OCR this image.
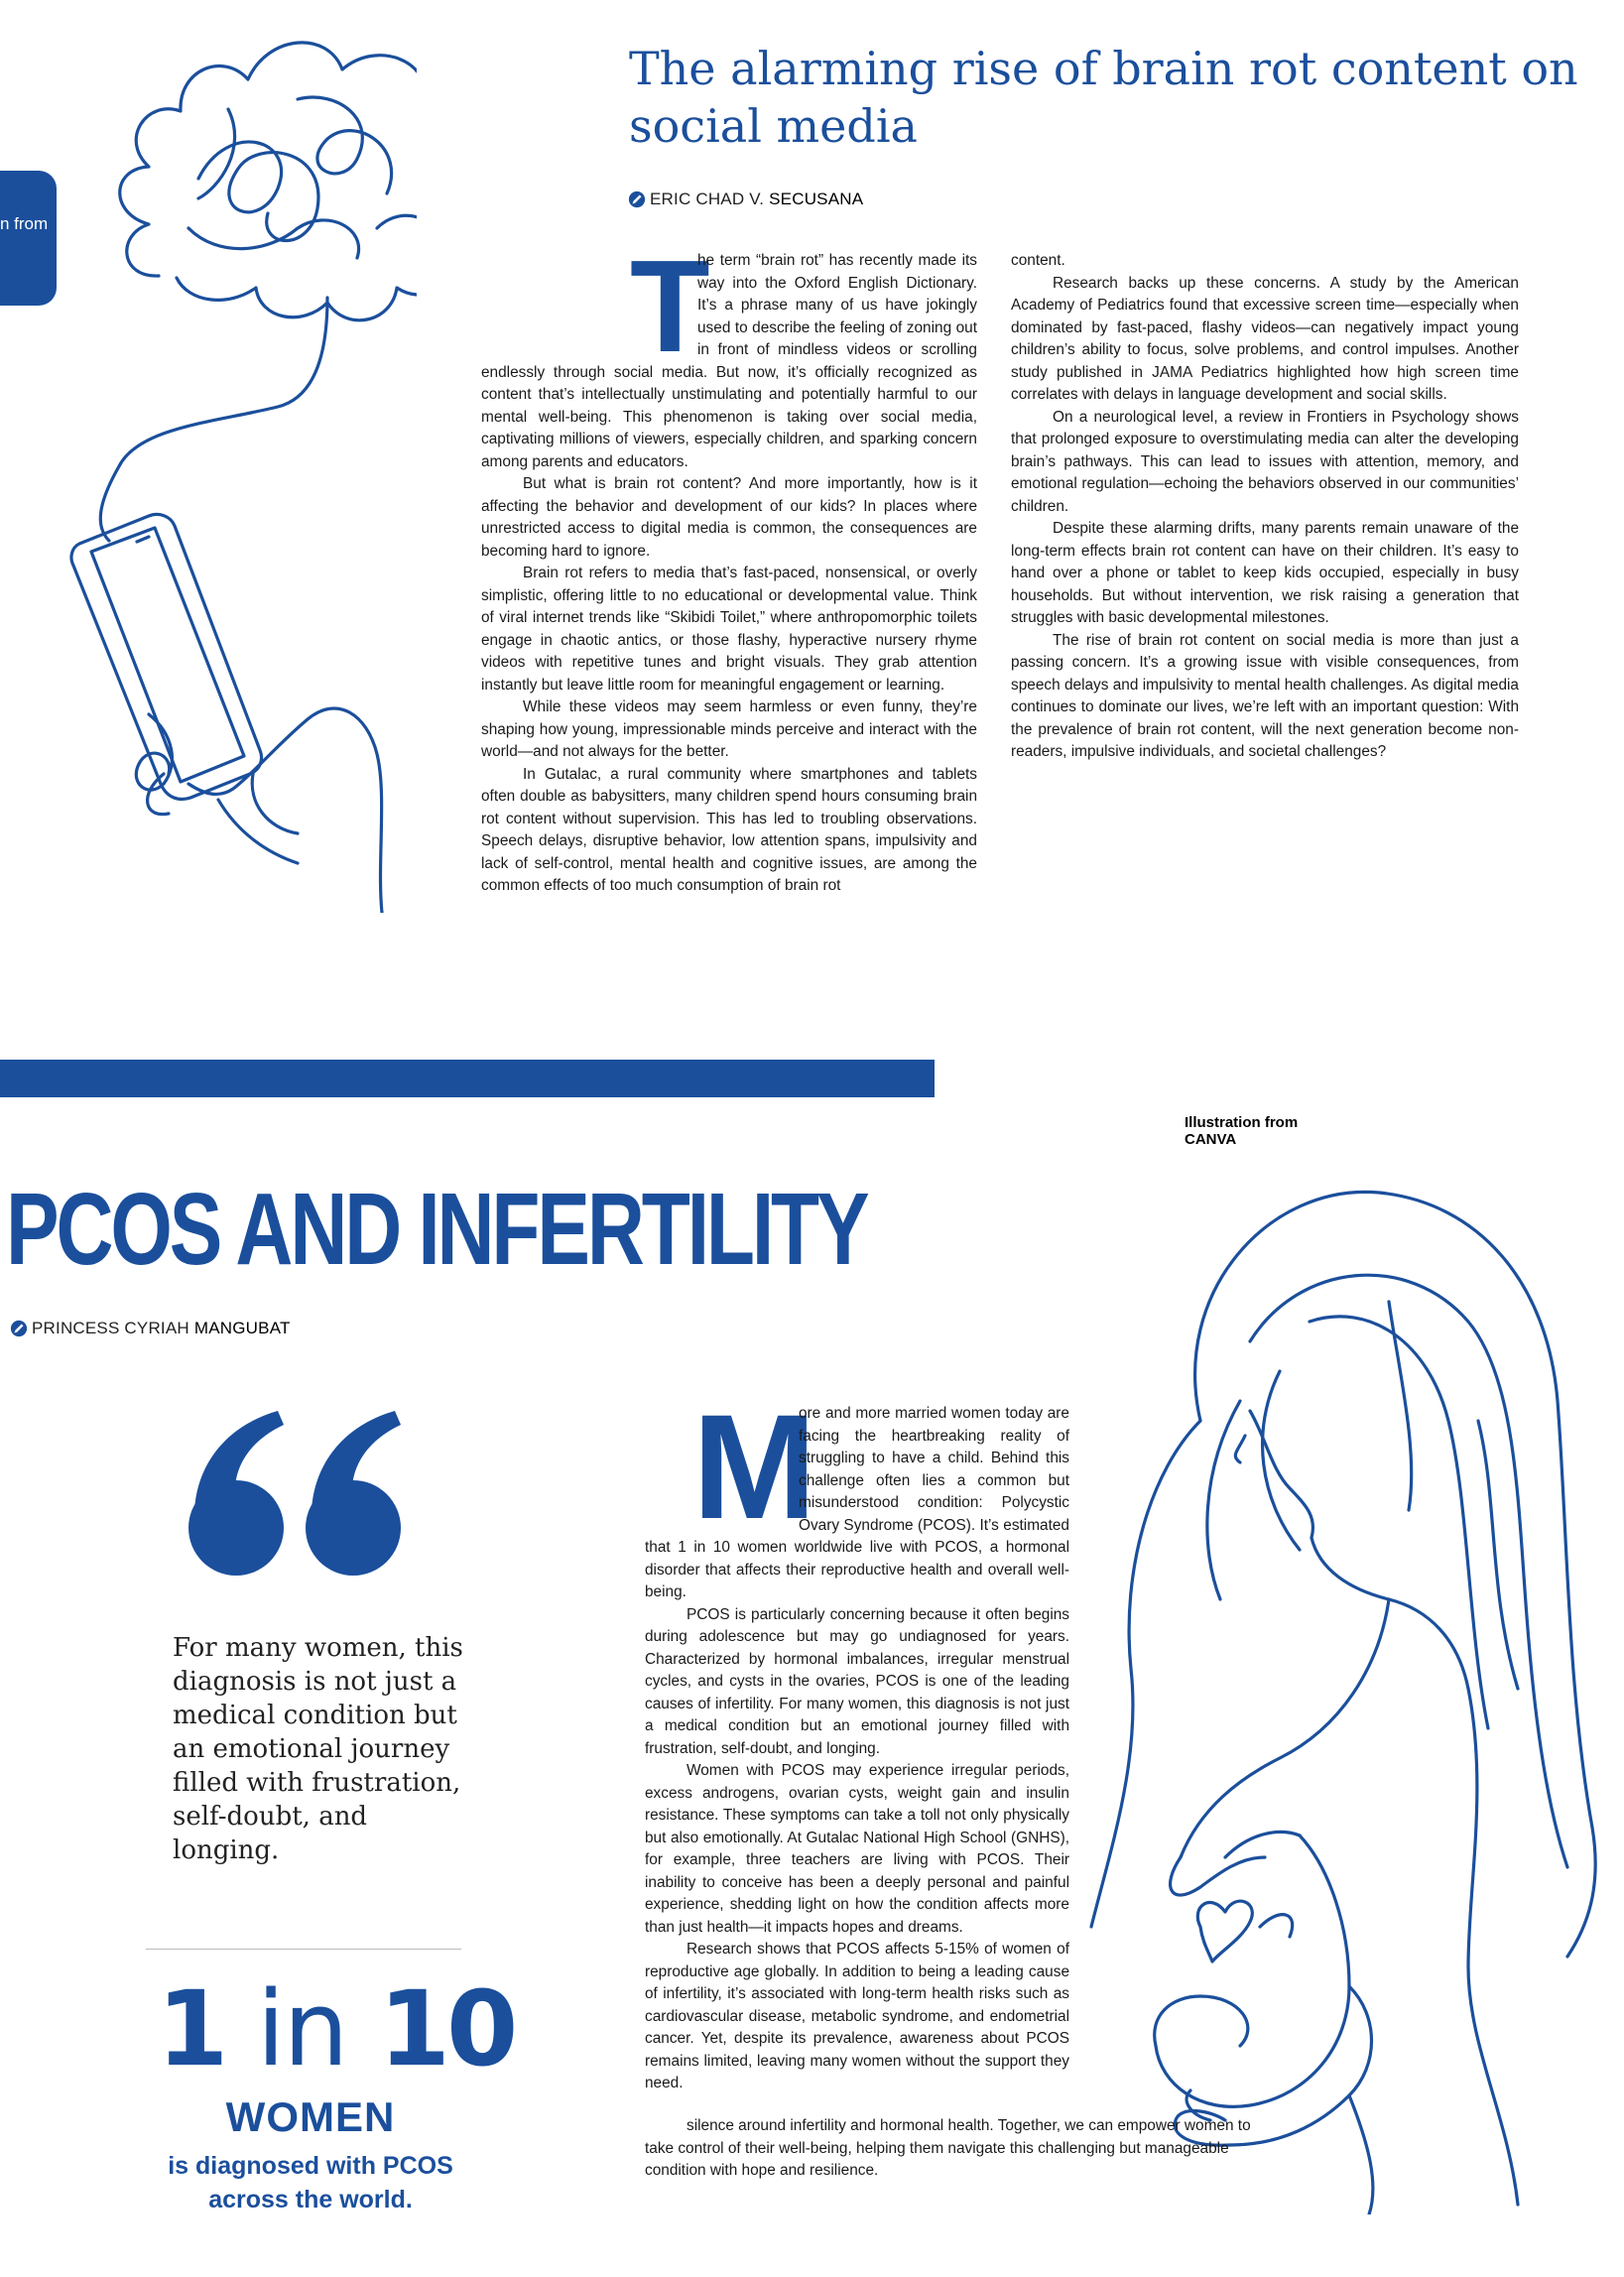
n from
The alarming rise of brain rot content on social media
ERIC CHAD V. SECUSANA
T

he term “brain rot” has recently made its way into the Oxford English Dictionary. It’s a phrase many of us have jokingly used to describe the feeling of zoning out in front of mindless videos or scrolling endlessly through social media. But now, it’s officially recognized as content that’s intellectually unstimulating and potentially harmful to our mental well-being. This phenomenon is taking over social media, captivating millions of viewers, especially children, and sparking concern among parents and educators.

But what is brain rot content? And more importantly, how is it affecting the behavior and development of our kids? In places where unrestricted access to digital media is common, the consequences are becoming hard to ignore.

Brain rot refers to media that’s fast-paced, nonsensical, or overly simplistic, offering little to no educational or developmental value. Think of viral internet trends like “Skibidi Toilet,” where anthropomorphic toilets engage in chaotic antics, or those flashy, hyperactive nursery rhyme videos with repetitive tunes and bright visuals. They grab attention instantly but leave little room for meaningful engagement or learning.

While these videos may seem harmless or even funny, they’re shaping how young, impressionable minds perceive and interact with the world—and not always for the better.

In Gutalac, a rural community where smartphones and tablets often double as babysitters, many children spend hours consuming brain rot content without supervision. This has led to troubling observations. Speech delays, disruptive behavior, low attention spans, impulsivity and lack of self-control, mental health and cognitive issues, are among the common effects of too much consumption of brain rot

content.

Research backs up these concerns. A study by the American Academy of Pediatrics found that excessive screen time—especially when dominated by fast-paced, flashy videos—can negatively impact young children’s ability to focus, solve problems, and control impulses. Another study published in JAMA Pediatrics highlighted how high screen time correlates with delays in language development and social skills.

On a neurological level, a review in Frontiers in Psychology shows that prolonged exposure to overstimulating media can alter the developing brain’s pathways. This can lead to issues with attention, memory, and emotional regulation—echoing the behaviors observed in our communities’ children.

Despite these alarming drifts, many parents remain unaware of the long-term effects brain rot content can have on their children. It’s easy to hand over a phone or tablet to keep kids occupied, especially in busy households. But without intervention, we risk raising a generation that struggles with basic developmental milestones.

The rise of brain rot content on social media is more than just a passing concern. It’s a growing issue with visible consequences, from speech delays and impulsivity to mental health challenges. As digital media continues to dominate our lives, we’re left with an important question: With the prevalence of brain rot content, will the next generation become non-readers, impulsive individuals, and societal challenges?

Illustration from
CANVA
PCOS AND INFERTILITY
PRINCESS CYRIAH MANGUBAT

For many women, this diagnosis is not just a medical condition but an emotional journey filled with frustration, self-doubt, and longing.

1 in 10
WOMEN
is diagnosed with PCOS across the world.
M

ore and more married women today are facing the heartbreaking reality of struggling to have a child. Behind this challenge often lies a common but misunderstood condition: Polycystic Ovary Syndrome (PCOS). It’s estimated that 1 in 10 women worldwide live with PCOS, a hormonal disorder that affects their reproductive health and overall well-being.

PCOS is particularly concerning because it often begins during adolescence but may go undiagnosed for years. Characterized by hormonal imbalances, irregular menstrual cycles, and cysts in the ovaries, PCOS is one of the leading causes of infertility. For many women, this diagnosis is not just a medical condition but an emotional journey filled with frustration, self-doubt, and longing.

Women with PCOS may experience irregular periods, excess androgens, ovarian cysts, weight gain and insulin resistance. These symptoms can take a toll not only physically but also emotionally. At Gutalac National High School (GNHS), for example, three teachers are living with PCOS. Their inability to conceive has been a deeply personal and painful experience, shedding light on how the condition affects more than just health—it impacts hopes and dreams.

Research shows that PCOS affects 5-15% of women of reproductive age globally. In addition to being a leading cause of infertility, it’s associated with long-term health risks such as cardiovascular disease, metabolic syndrome, and endometrial cancer. Yet, despite its prevalence, awareness about PCOS remains limited, leaving many women without the support they need.

silence around infertility and hormonal health. Together, we can empower women to take control of their well-being, helping them navigate this challenging but manageable condition with hope and resilience.
